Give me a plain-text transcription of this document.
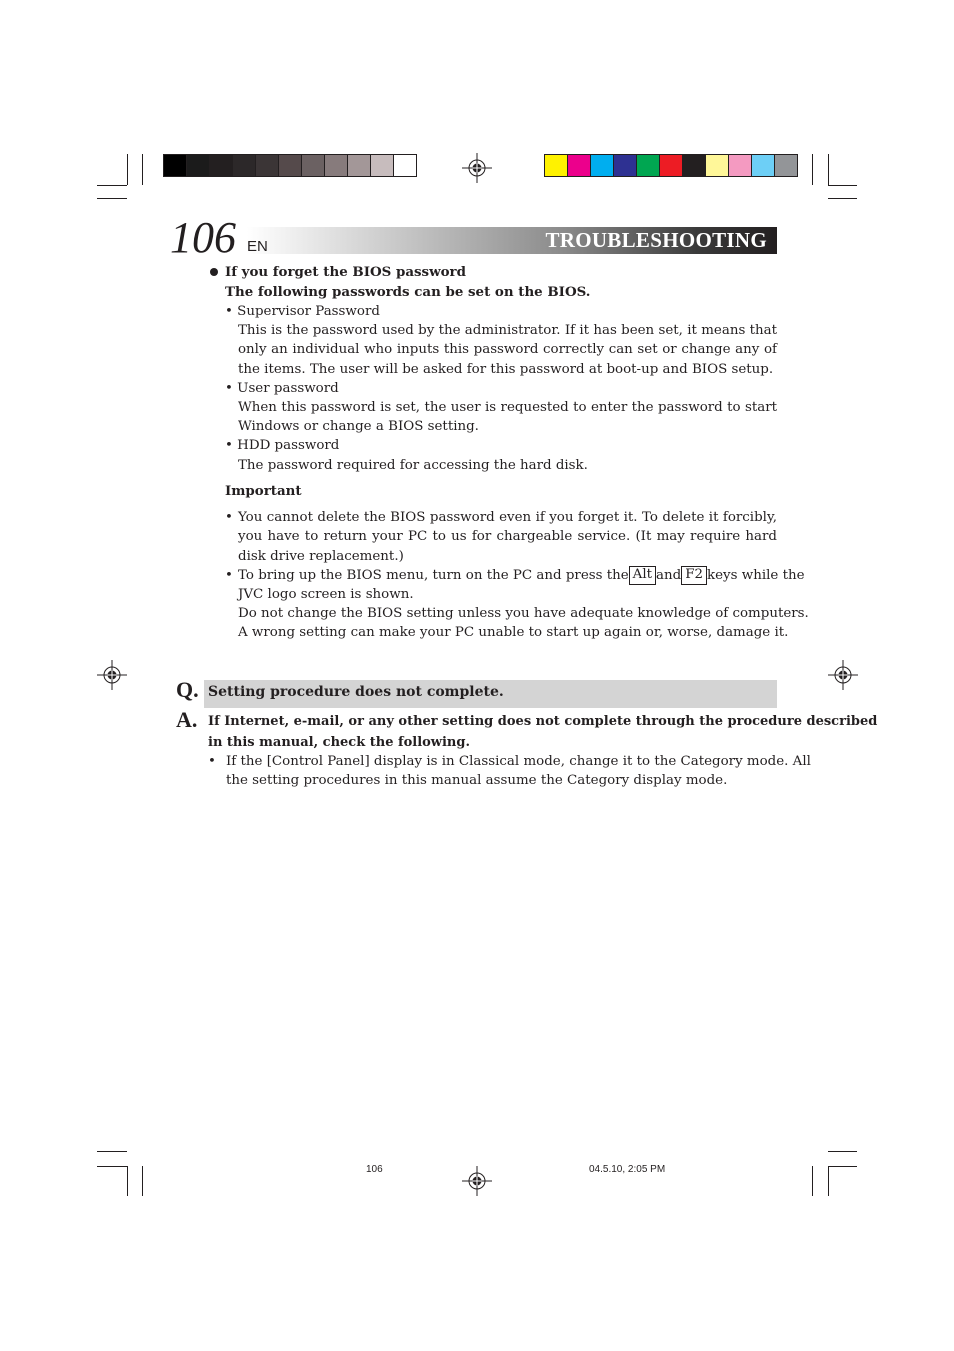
TROUBLESHOOTING
106 EN
If you forget the BIOS password
The following passwords can be set on the BIOS.
• Supervisor Password
This is the password used by the administrator. If it has been set, it means that only an individual who inputs this password correctly can set or change any of the items. The user will be asked for this password at boot-up and BIOS setup.
• User password
When this password is set, the user is requested to enter the password to start Windows or change a BIOS setting.
• HDD password
The password required for accessing the hard disk.
Important
• You cannot delete the BIOS password even if you forget it. To delete it forcibly, you have to return your PC to us for chargeable service. (It may require hard disk drive replacement.)
• To bring up the BIOS menu, turn on the PC and press the Alt and F2 keys while the
JVC logo screen is shown.
Do not change the BIOS setting unless you have adequate knowledge of computers.
A wrong setting can make your PC unable to start up again or, worse, damage it.
Q. Setting procedure does not complete.
A. If Internet, e-mail, or any other setting does not complete through the procedure described
in this manual, check the following.
• If the [Control Panel] display is in Classical mode, change it to the Category mode. All
the setting procedures in this manual assume the Category display mode.
106	04.5.10, 2:05 PM
